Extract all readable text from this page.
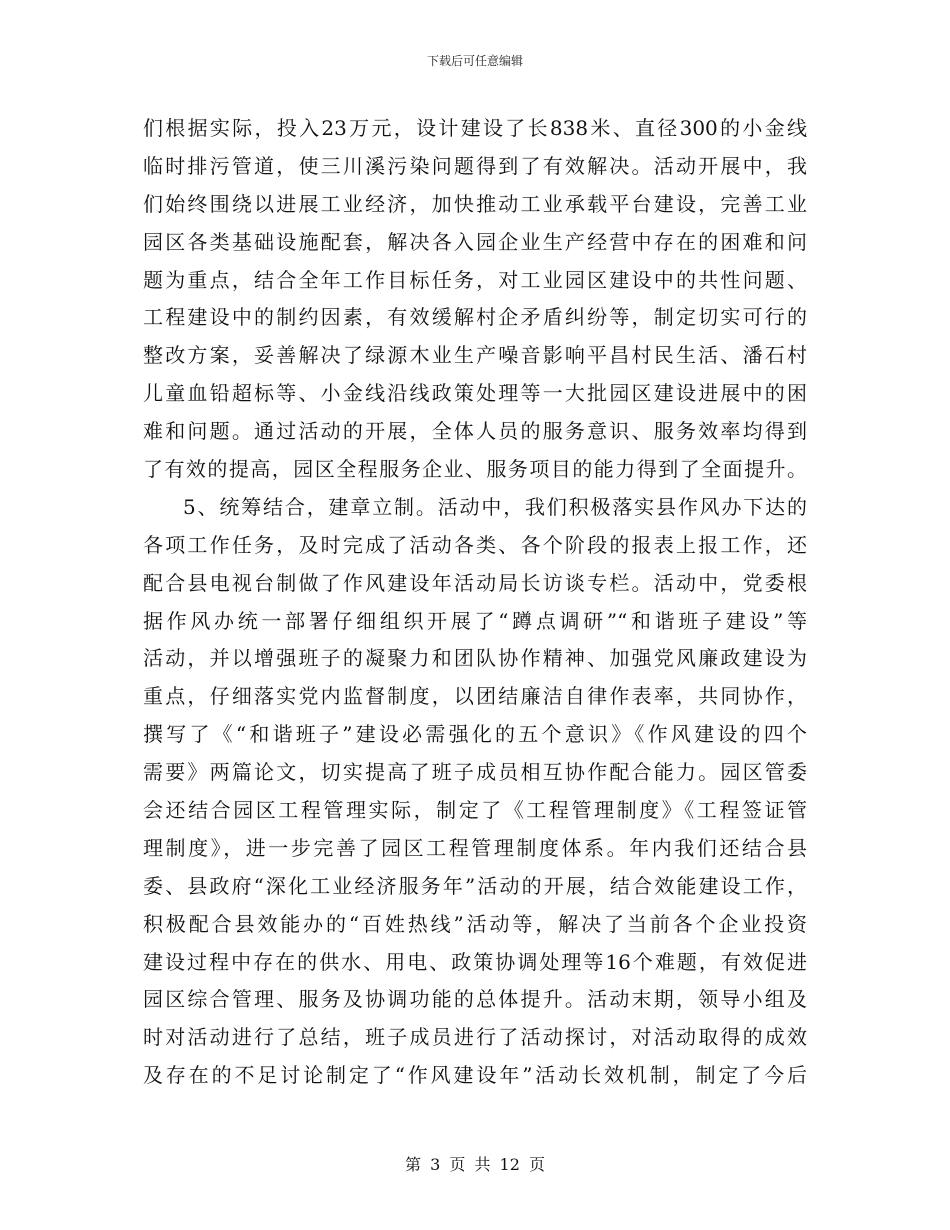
下载后可任意编辑
们根据实际，投入23万元，设计建设了长838米、直径300的小金线
临时排污管道，使三川溪污染问题得到了有效解决。活动开展中，我
们始终围绕以进展工业经济，加快推动工业承载平台建设，完善工业
园区各类基础设施配套，解决各入园企业生产经营中存在的困难和问
题为重点，结合全年工作目标任务，对工业园区建设中的共性问题、
工程建设中的制约因素，有效缓解村企矛盾纠纷等，制定切实可行的
整改方案，妥善解决了绿源木业生产噪音影响平昌村民生活、潘石村
儿童血铅超标等、小金线沿线政策处理等一大批园区建设进展中的困
难和问题。通过活动的开展，全体人员的服务意识、服务效率均得到
了有效的提高，园区全程服务企业、服务项目的能力得到了全面提升。
5、统筹结合，建章立制。活动中，我们积极落实县作风办下达的
各项工作任务，及时完成了活动各类、各个阶段的报表上报工作，还
配合县电视台制做了作风建设年活动局长访谈专栏。活动中，党委根
据作风办统一部署仔细组织开展了“蹲点调研”“和谐班子建设”等
活动，并以增强班子的凝聚力和团队协作精神、加强党风廉政建设为
重点，仔细落实党内监督制度，以团结廉洁自律作表率，共同协作，
撰写了《“和谐班子”建设必需强化的五个意识》《作风建设的四个
需要》两篇论文，切实提高了班子成员相互协作配合能力。园区管委
会还结合园区工程管理实际，制定了《工程管理制度》《工程签证管
理制度》，进一步完善了园区工程管理制度体系。年内我们还结合县
委、县政府“深化工业经济服务年”活动的开展，结合效能建设工作，
积极配合县效能办的“百姓热线”活动等，解决了当前各个企业投资
建设过程中存在的供水、用电、政策协调处理等16个难题，有效促进
园区综合管理、服务及协调功能的总体提升。活动末期，领导小组及
时对活动进行了总结，班子成员进行了活动探讨，对活动取得的成效
及存在的不足讨论制定了“作风建设年”活动长效机制，制定了今后
第 3 页 共 12 页
